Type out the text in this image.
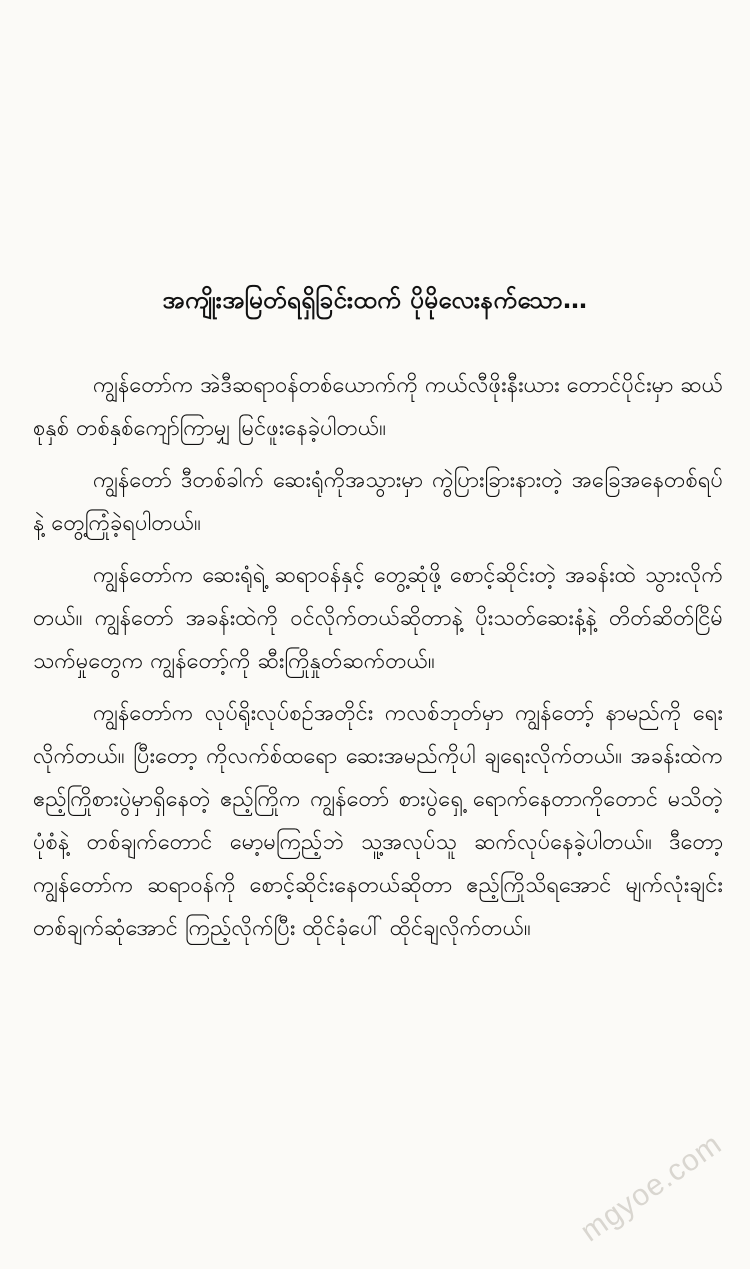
အကျိုးအမြတ်ရရှိခြင်းထက် ပိုမိုလေးနက်သော…

ကျွန်တော်က အဲဒီဆရာဝန်တစ်ယောက်ကို ကယ်လီဖိုးနီးယား တောင်ပိုင်းမှာ ဆယ်စုနှစ် တစ်နှစ်ကျော်ကြာမျှ မြင်ဖူးနေခဲ့ပါတယ်။

ကျွန်တော် ဒီတစ်ခါက် ဆေးရုံကိုအသွားမှာ ကွဲပြားခြားနားတဲ့ အခြေအနေတစ်ရပ်နဲ့ တွေ့ကြုံခဲ့ရပါတယ်။

ကျွန်တော်က ဆေးရုံရဲ့ ဆရာဝန်နှင့် တွေ့ဆုံဖို့ စောင့်ဆိုင်းတဲ့ အခန်းထဲ သွားလိုက်တယ်။ ကျွန်တော် အခန်းထဲကို ဝင်လိုက်တယ်ဆိုတာနဲ့ ပိုးသတ်ဆေးနံ့နဲ့ တိတ်ဆိတ်ငြိမ်သက်မှုတွေက ကျွန်တော့်ကို ဆီးကြိုနှုတ်ဆက်တယ်။

ကျွန်တော်က လုပ်ရိုးလုပ်စဉ်အတိုင်း ကလစ်ဘုတ်မှာ ကျွန်တော့် နာမည်ကို ရေးလိုက်တယ်။ ပြီးတော့ ကိုလက်စ်ထရော ဆေးအမည်ကိုပါ ချရေးလိုက်တယ်။ အခန်းထဲက ဧည့်ကြိုစားပွဲမှာရှိနေတဲ့ ဧည့်ကြိုက ကျွန်တော် စားပွဲရှေ့ ရောက်နေတာကိုတောင် မသိတဲ့ပုံစံနဲ့ တစ်ချက်တောင် မော့မကြည့်ဘဲ သူ့အလုပ်သူ ဆက်လုပ်နေခဲ့ပါတယ်။ ဒီတော့ ကျွန်တော်က ဆရာဝန်ကို စောင့်ဆိုင်းနေတယ်ဆိုတာ ဧည့်ကြိုသိရအောင် မျက်လုံးချင်း တစ်ချက်ဆုံအောင် ကြည့်လိုက်ပြီး ထိုင်ခုံပေါ် ထိုင်ချလိုက်တယ်။

mgyoe.com
